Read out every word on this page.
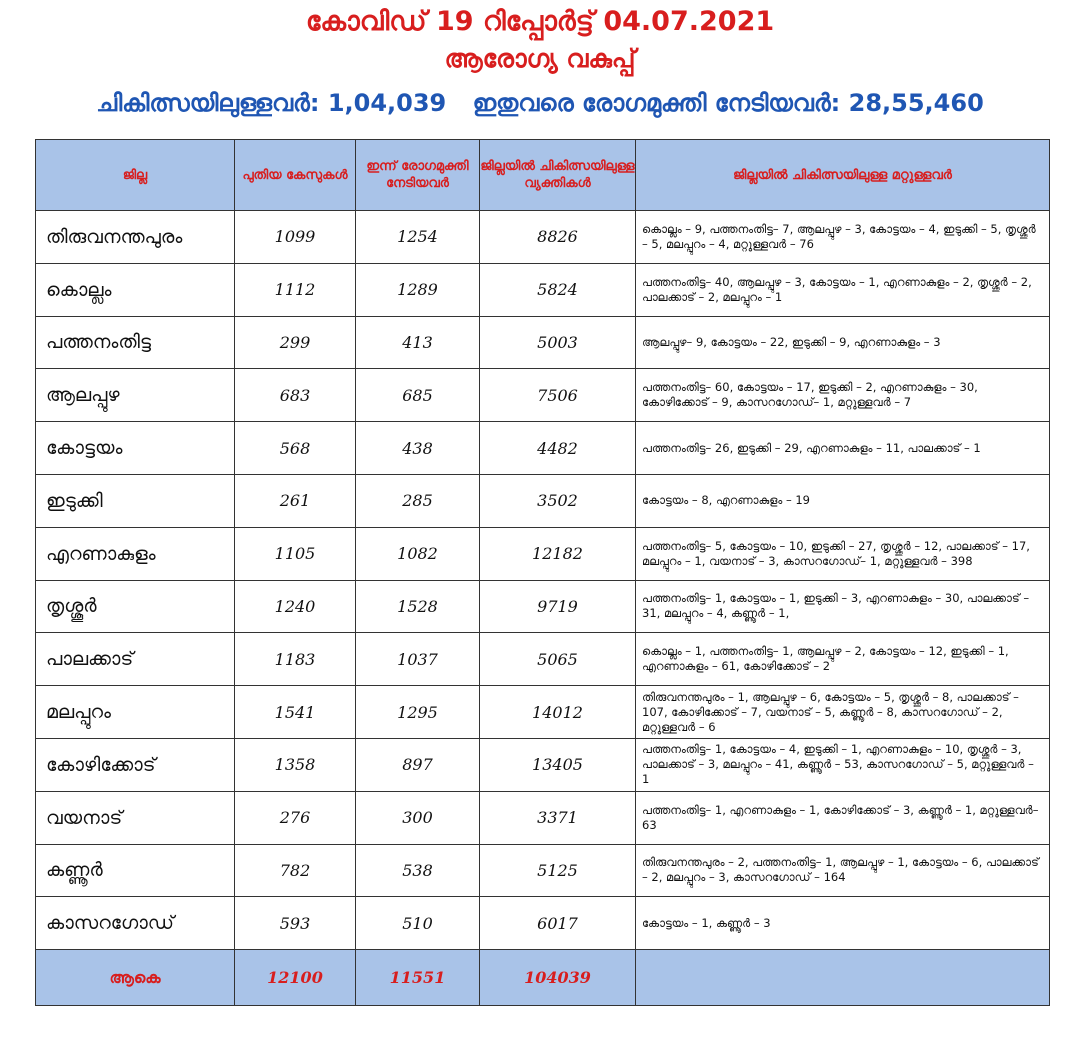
കോവിഡ് 19 റിപ്പോർട്ട് 04.07.2021
ആരോഗ്യ വകുപ്പ്
ചികിത്സയിലുള്ളവർ: 1,04,039 ഇതുവരെ രോഗമുക്തി നേടിയവർ: 28,55,460
ജില്ല	പുതിയ കേസുകൾ	ഇന്ന് രോഗമുക്തി നേടിയവർ	ജില്ലയിൽ ചികിത്സയിലുള്ള വ്യക്തികൾ	ജില്ലയിൽ ചികിത്സയിലുള്ള മറ്റുള്ളവർ
തിരുവനന്തപുരം	1099	1254	8826	കൊല്ലം – 9, പത്തനംതിട്ട– 7, ആലപ്പുഴ – 3, കോട്ടയം – 4, ഇടുക്കി – 5, തൃശ്ശൂർ – 5, മലപ്പുറം – 4, മറ്റുള്ളവർ – 76
കൊല്ലം	1112	1289	5824	പത്തനംതിട്ട– 40, ആലപ്പുഴ – 3, കോട്ടയം – 1, എറണാകുളം – 2, തൃശ്ശൂർ – 2, പാലക്കാട് – 2, മലപ്പുറം – 1
പത്തനംതിട്ട	299	413	5003	ആലപ്പുഴ– 9, കോട്ടയം – 22, ഇടുക്കി – 9, എറണാകുളം – 3
ആലപ്പുഴ	683	685	7506	പത്തനംതിട്ട– 60, കോട്ടയം – 17, ഇടുക്കി – 2, എറണാകുളം – 30, കോഴിക്കോട് – 9, കാസറഗോഡ്– 1, മറ്റുള്ളവർ – 7
കോട്ടയം	568	438	4482	പത്തനംതിട്ട– 26, ഇടുക്കി – 29, എറണാകുളം – 11, പാലക്കാട് – 1
ഇടുക്കി	261	285	3502	കോട്ടയം – 8, എറണാകുളം – 19
എറണാകുളം	1105	1082	12182	പത്തനംതിട്ട– 5, കോട്ടയം – 10, ഇടുക്കി – 27, തൃശ്ശൂർ – 12, പാലക്കാട് – 17, മലപ്പുറം – 1, വയനാട് – 3, കാസറഗോഡ്– 1, മറ്റുള്ളവർ – 398
തൃശ്ശൂർ	1240	1528	9719	പത്തനംതിട്ട– 1, കോട്ടയം – 1, ഇടുക്കി – 3, എറണാകുളം – 30, പാലക്കാട് – 31, മലപ്പുറം – 4, കണ്ണൂർ – 1,
പാലക്കാട്	1183	1037	5065	കൊല്ലം – 1, പത്തനംതിട്ട– 1, ആലപ്പുഴ – 2, കോട്ടയം – 12, ഇടുക്കി – 1, എറണാകുളം – 61, കോഴിക്കോട് – 2
മലപ്പുറം	1541	1295	14012	തിരുവനന്തപുരം – 1, ആലപ്പുഴ – 6, കോട്ടയം – 5, തൃശ്ശൂർ – 8, പാലക്കാട് – 107, കോഴിക്കോട് – 7, വയനാട് – 5, കണ്ണൂർ – 8, കാസറഗോഡ് – 2, മറ്റുള്ളവർ – 6
കോഴിക്കോട്	1358	897	13405	പത്തനംതിട്ട– 1, കോട്ടയം – 4, ഇടുക്കി – 1, എറണാകുളം – 10, തൃശ്ശൂർ – 3, പാലക്കാട് – 3, മലപ്പുറം – 41, കണ്ണൂർ – 53, കാസറഗോഡ് – 5, മറ്റുള്ളവർ – 1
വയനാട്	276	300	3371	പത്തനംതിട്ട– 1, എറണാകുളം – 1, കോഴിക്കോട് – 3, കണ്ണൂർ – 1, മറ്റുള്ളവർ– 63
കണ്ണൂർ	782	538	5125	തിരുവനന്തപുരം – 2, പത്തനംതിട്ട– 1, ആലപ്പുഴ – 1, കോട്ടയം – 6, പാലക്കാട് – 2, മലപ്പുറം – 3, കാസറഗോഡ് – 164
കാസറഗോഡ്	593	510	6017	കോട്ടയം – 1, കണ്ണൂർ – 3
ആകെ	12100	11551	104039	
